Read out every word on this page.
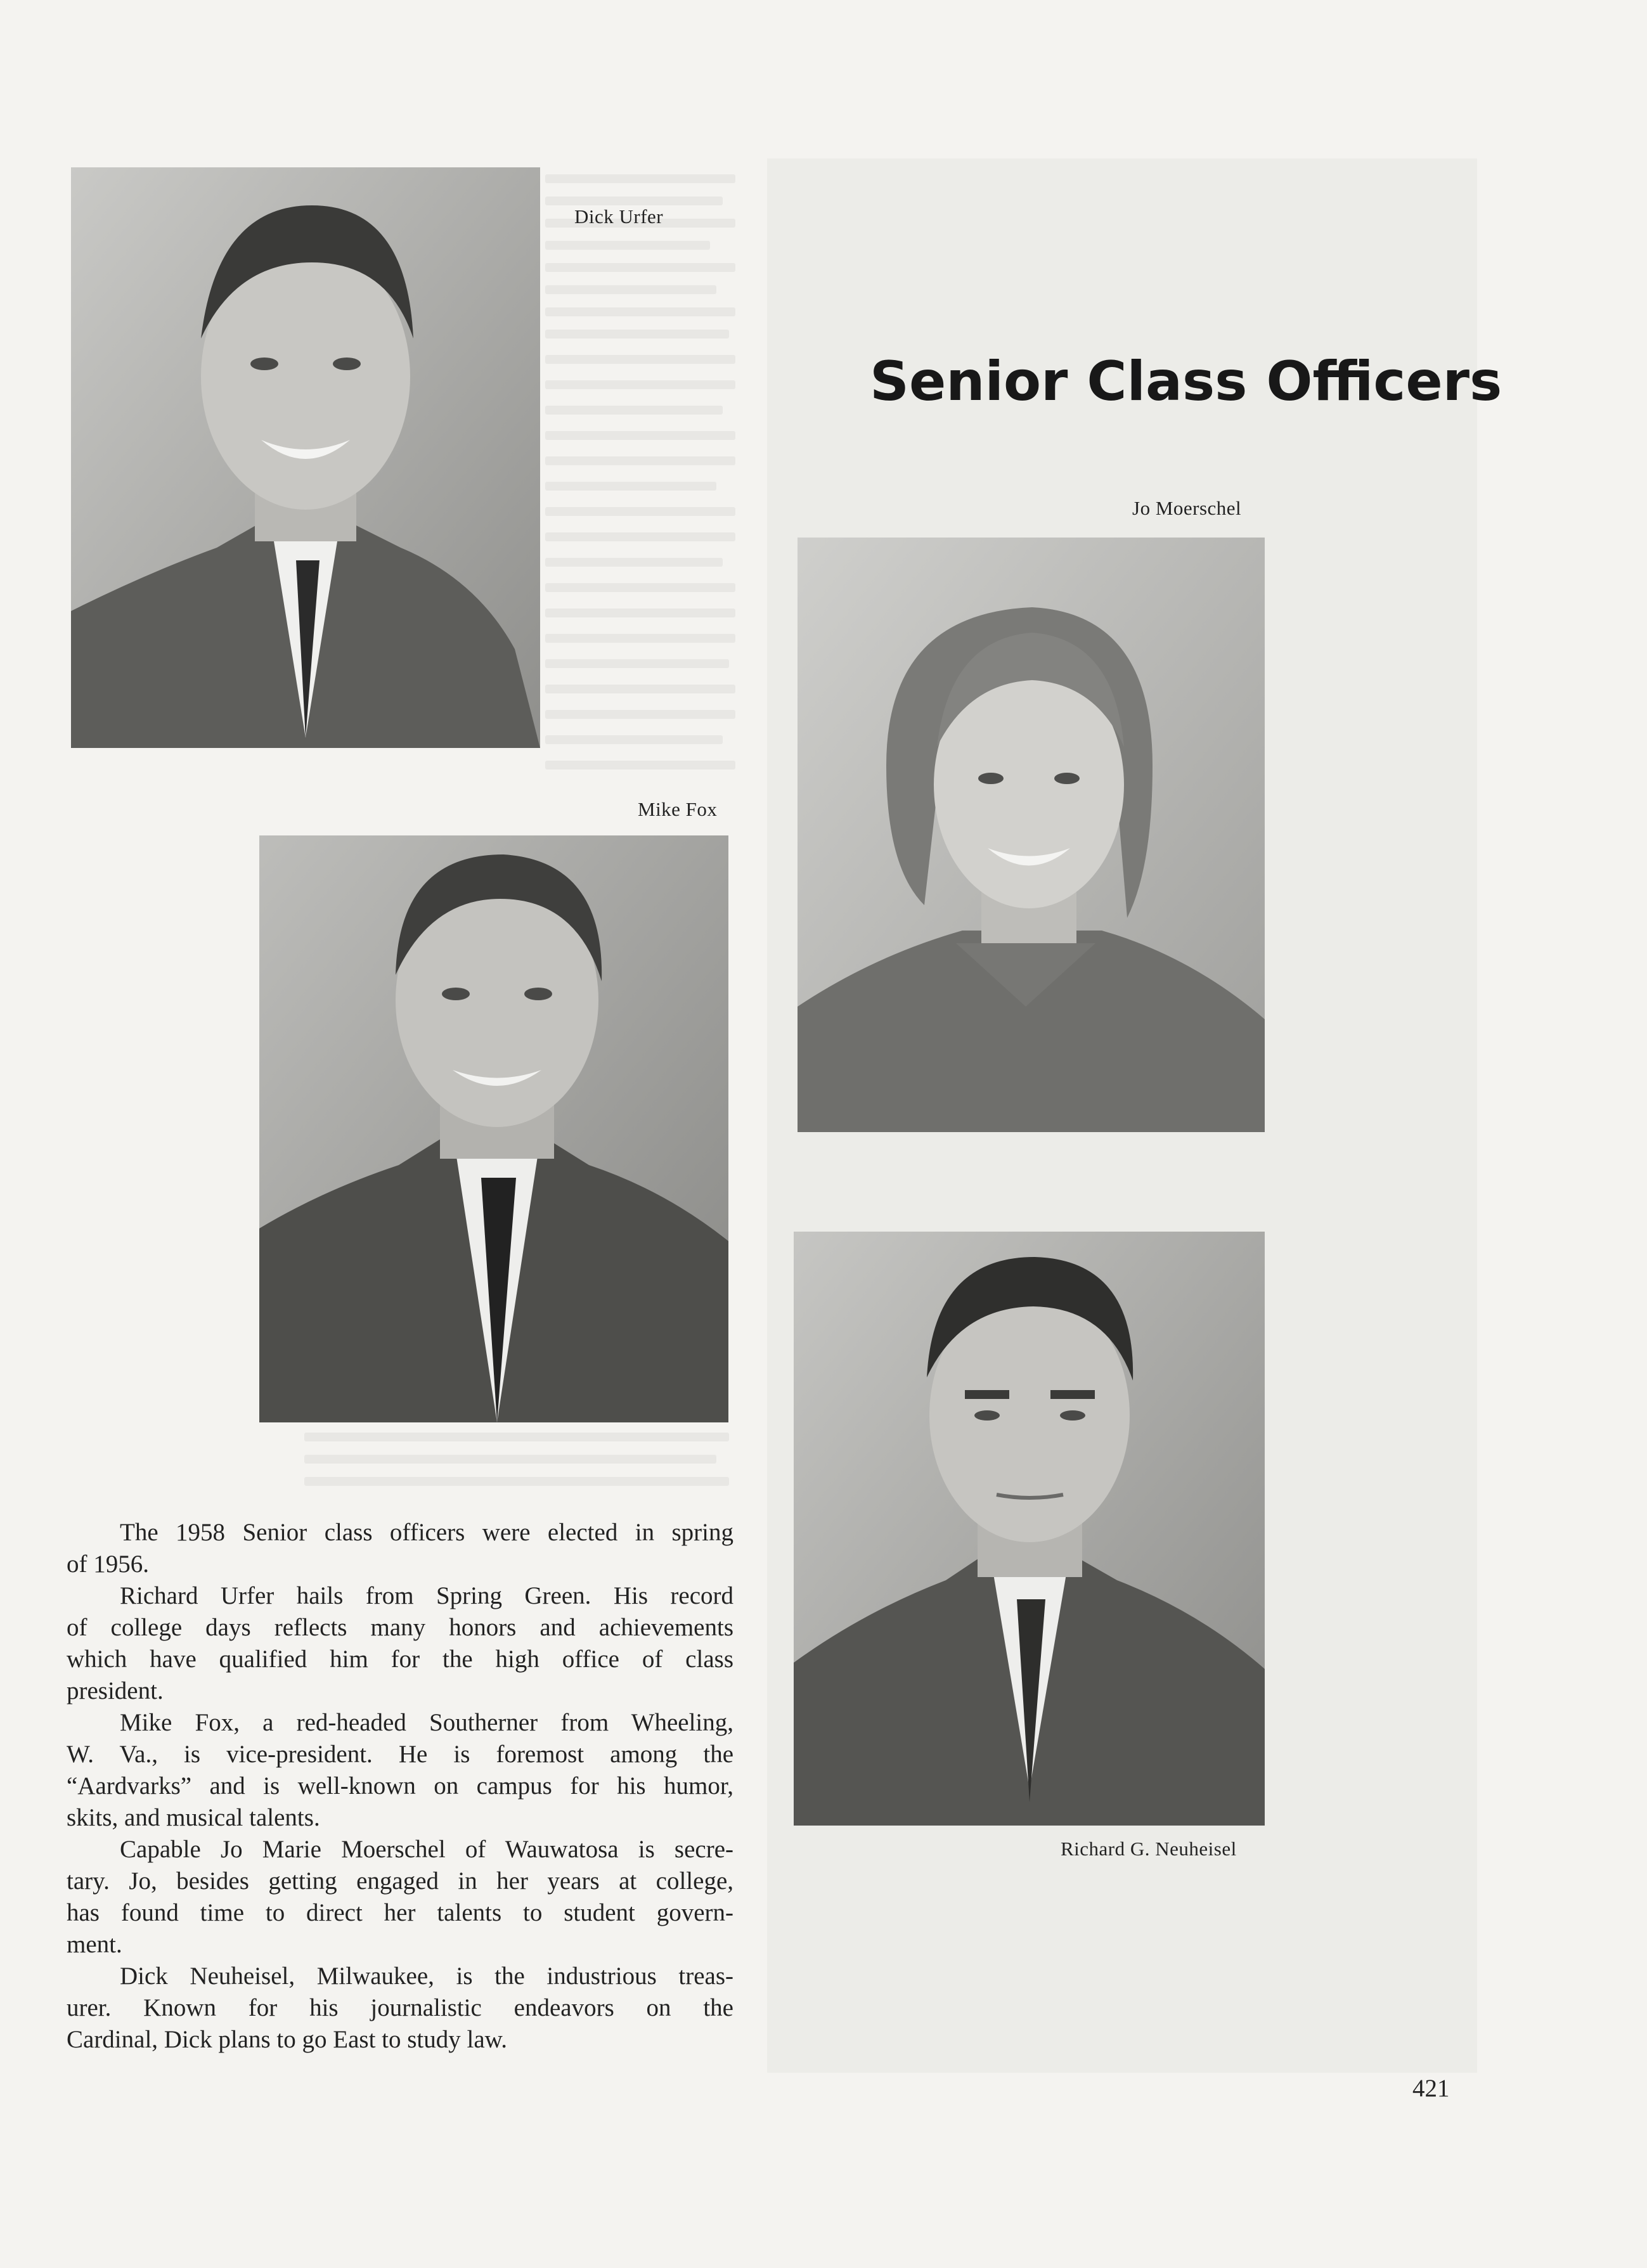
Dick Urfer
Mike Fox
Senior Class Officers
Jo Moerschel
Richard G. Neuheisel
The 1958 Senior class officers were elected in spring
of 1956.
Richard Urfer hails from Spring Green. His record
of college days reflects many honors and achievements
which have qualified him for the high office of class
president.
Mike Fox, a red-headed Southerner from Wheeling,
W. Va., is vice-president. He is foremost among the
“Aardvarks” and is well-known on campus for his humor,
skits, and musical talents.
Capable Jo Marie Moerschel of Wauwatosa is secre-
tary. Jo, besides getting engaged in her years at college,
has found time to direct her talents to student govern-
ment.
Dick Neuheisel, Milwaukee, is the industrious treas-
urer. Known for his journalistic endeavors on the
Cardinal, Dick plans to go East to study law.
421
